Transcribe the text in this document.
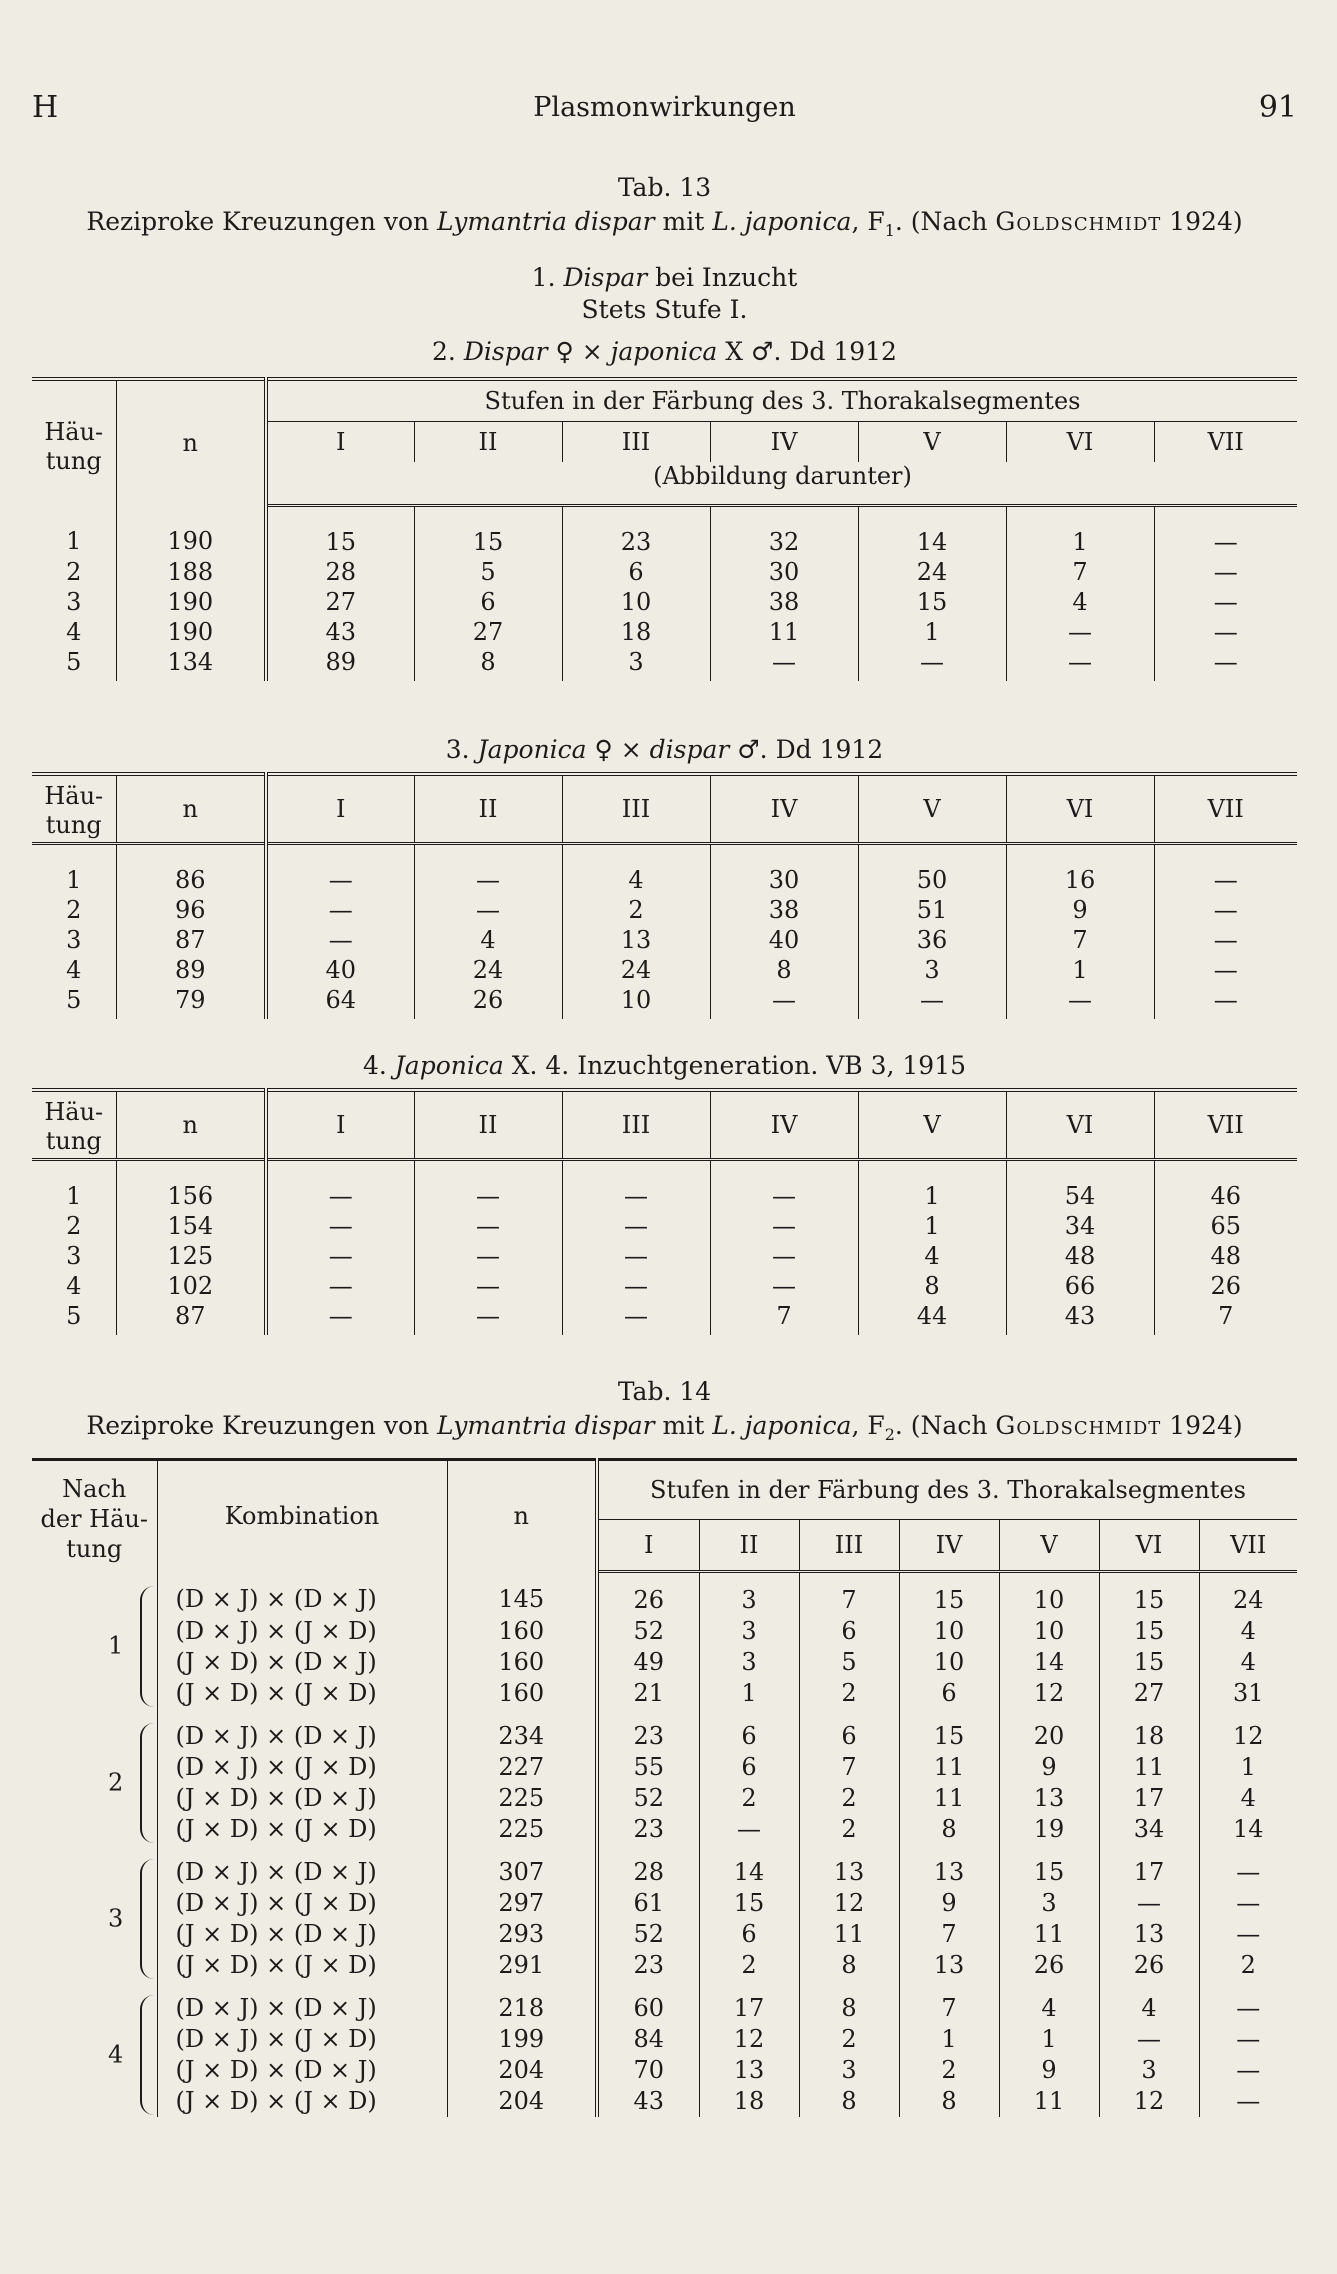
H	Plasmonwirkungen	91
Tab. 13
Reziproke Kreuzungen von Lymantria dispar mit L. japonica, $F_1$. (Nach Goldschmidt 1924)
1. Dispar bei Inzucht
Stets Stufe I.
2. Dispar ♀ × japonica X ♂. Dd 1912
Häu-
tung	n	Stufen in der Färbung des 3. Thorakalsegmentes						
		I	II	III	IV	V	VI	VII
		(Abbildung darunter)						
1	190	15	15	23	32	14	1	—
2	188	28	5	6	30	24	7	—
3	190	27	6	10	38	15	4	—
4	190	43	27	18	11	1	—	—
5	134	89	8	3	—	—	—	—
3. Japonica ♀ × dispar ♂. Dd 1912
Häu-
tung	n	I	II	III	IV	V	VI	VII
1	86	—	—	4	30	50	16	—
2	96	—	—	2	38	51	9	—
3	87	—	4	13	40	36	7	—
4	89	40	24	24	8	3	1	—
5	79	64	26	10	—	—	—	—
4. Japonica X. 4. Inzuchtgeneration. VB 3, 1915
Häu-
tung	n	I	II	III	IV	V	VI	VII
1	156	—	—	—	—	1	54	46
2	154	—	—	—	—	1	34	65
3	125	—	—	—	—	4	48	48
4	102	—	—	—	—	8	66	26
5	87	—	—	—	7	44	43	7
Tab. 14
Reziproke Kreuzungen von Lymantria dispar mit L. japonica, $F_2$. (Nach Goldschmidt 1924)
Nach
der Häu-
tung	Kombination	n	Stufen in der Färbung des 3. Thorakalsegmentes						
			I	II	III	IV	V	VI	VII

1	(D × J) × (D × J)	145	26	3	7	15	10	15	24
	(D × J) × (J × D)	160	52	3	6	10	10	15	4
	(J × D) × (D × J)	160	49	3	5	10	14	15	4
	(J × D) × (J × D)	160	21	1	2	6	12	27	31

2	(D × J) × (D × J)	234	23	6	6	15	20	18	12
	(D × J) × (J × D)	227	55	6	7	11	9	11	1
	(J × D) × (D × J)	225	52	2	2	11	13	17	4
	(J × D) × (J × D)	225	23	—	2	8	19	34	14

3	(D × J) × (D × J)	307	28	14	13	13	15	17	—
	(D × J) × (J × D)	297	61	15	12	9	3	—	—
	(J × D) × (D × J)	293	52	6	11	7	11	13	—
	(J × D) × (J × D)	291	23	2	8	13	26	26	2

4	(D × J) × (D × J)	218	60	17	8	7	4	4	—
	(D × J) × (J × D)	199	84	12	2	1	1	—	—
	(J × D) × (D × J)	204	70	13	3	2	9	3	—
	(J × D) × (J × D)	204	43	18	8	8	11	12	—
